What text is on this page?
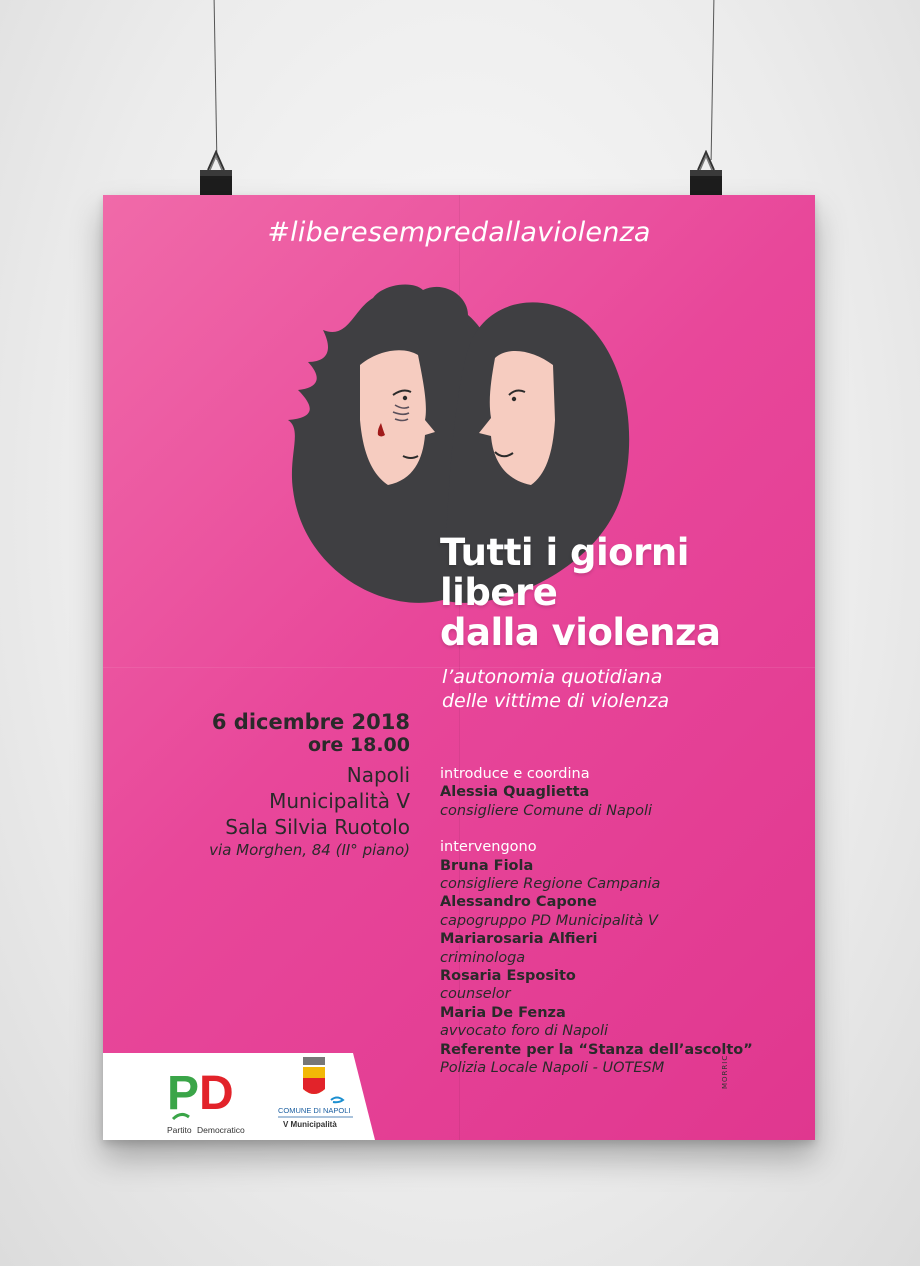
#liberesempredallaviolenza
Tutti i giorni
libere
dalla violenza
l’autonomia quotidiana
delle vittime di violenza
6 dicembre 2018
ore 18.00
Napoli
Municipalità V
Sala Silvia Ruotolo
via Morghen, 84 (II° piano)
introduce e coordina
Alessia Quaglietta
consigliere Comune di Napoli
intervengono
Bruna Fiola
consigliere Regione Campania
Alessandro Capone
capogruppo PD Municipalità V
Mariarosaria Alfieri
criminologa
Rosaria Esposito
counselor
Maria De Fenza
avvocato foro di Napoli
Referente per la “Stanza dell’ascolto”
Polizia Locale Napoli - UOTESM
P D
Partito Democratico
COMUNE DI NAPOLI
V Municipalità
MORRIC
